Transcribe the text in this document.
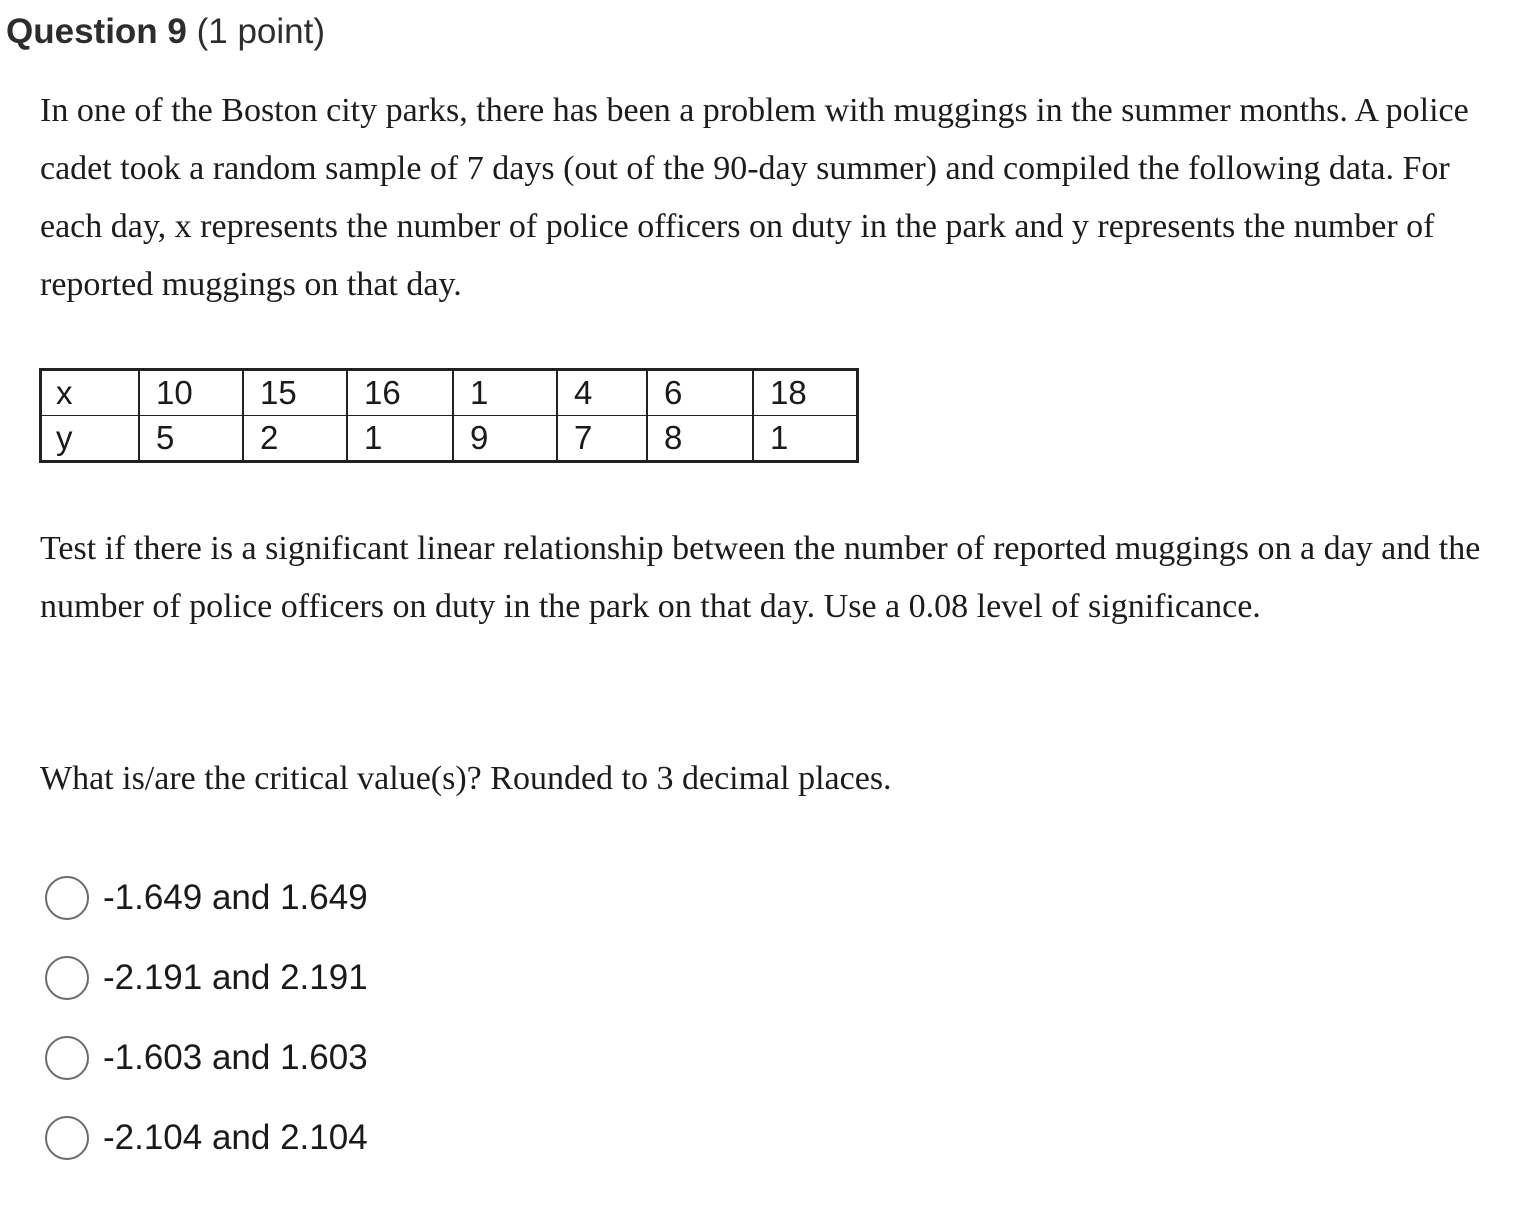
Question 9 (1 point)
In one of the Boston city parks, there has been a problem with muggings in the summer months. A police cadet took a random sample of 7 days (out of the 90-day summer) and compiled the following data. For each day, x represents the number of police officers on duty in the park and y represents the number of reported muggings on that day.
x	10	15	16	1	4	6	18
y	5	2	1	9	7	8	1
Test if there is a significant linear relationship between the number of reported muggings on a day and the number of police officers on duty in the park on that day. Use a 0.08 level of significance.
What is/are the critical value(s)? Rounded to 3 decimal places.
-1.649 and 1.649
-2.191 and 2.191
-1.603 and 1.603
-2.104 and 2.104
